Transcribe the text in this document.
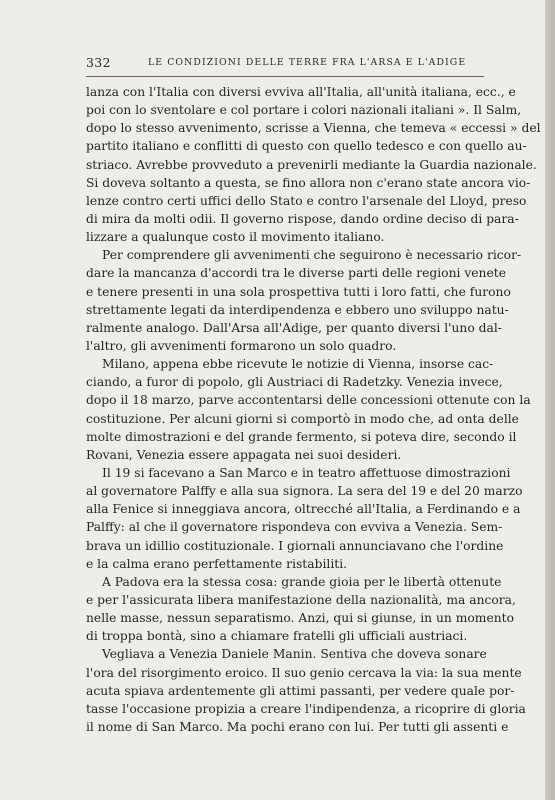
332	LE CONDIZIONI DELLE TERRE FRA L'ARSA E L'ADIGE
lanza con l'Italia con diversi evviva all'Italia, all'unità italiana, ecc., e
poi con lo sventolare e col portare i colori nazionali italiani ». Il Salm,
dopo lo stesso avvenimento, scrisse a Vienna, che temeva « eccessi » del
partito italiano e conflitti di questo con quello tedesco e con quello au-
striaco. Avrebbe provveduto a prevenirli mediante la Guardia nazionale.
Si doveva soltanto a questa, se fino allora non c'erano state ancora vio-
lenze contro certi uffici dello Stato e contro l'arsenale del Lloyd, preso
di mira da molti odii. Il governo rispose, dando ordine deciso di para-
lizzare a qualunque costo il movimento italiano.
Per comprendere gli avvenimenti che seguirono è necessario ricor-
dare la mancanza d'accordi tra le diverse parti delle regioni venete
e tenere presenti in una sola prospettiva tutti i loro fatti, che furono
strettamente legati da interdipendenza e ebbero uno sviluppo natu-
ralmente analogo. Dall'Arsa all'Adige, per quanto diversi l'uno dal-
l'altro, gli avvenimenti formarono un solo quadro.
Milano, appena ebbe ricevute le notizie di Vienna, insorse cac-
ciando, a furor di popolo, gli Austriaci di Radetzky. Venezia invece,
dopo il 18 marzo, parve accontentarsi delle concessioni ottenute con la
costituzione. Per alcuni giorni si comportò in modo che, ad onta delle
molte dimostrazioni e del grande fermento, si poteva dire, secondo il
Rovani, Venezia essere appagata nei suoi desideri.
Il 19 si facevano a San Marco e in teatro affettuose dimostrazioni
al governatore Palffy e alla sua signora. La sera del 19 e del 20 marzo
alla Fenice si inneggiava ancora, oltrecché all'Italia, a Ferdinando e a
Palffy: al che il governatore rispondeva con evviva a Venezia. Sem-
brava un idillio costituzionale. I giornali annunciavano che l'ordine
e la calma erano perfettamente ristabiliti.
A Padova era la stessa cosa: grande gioia per le libertà ottenute
e per l'assicurata libera manifestazione della nazionalità, ma ancora,
nelle masse, nessun separatismo. Anzi, qui si giunse, in un momento
di troppa bontà, sino a chiamare fratelli gli ufficiali austriaci.
Vegliava a Venezia Daniele Manin. Sentiva che doveva sonare
l'ora del risorgimento eroico. Il suo genio cercava la via: la sua mente
acuta spiava ardentemente gli attimi passanti, per vedere quale por-
tasse l'occasione propizia a creare l'indipendenza, a ricoprire di gloria
il nome di San Marco. Ma pochi erano con lui. Per tutti gli assenti e
